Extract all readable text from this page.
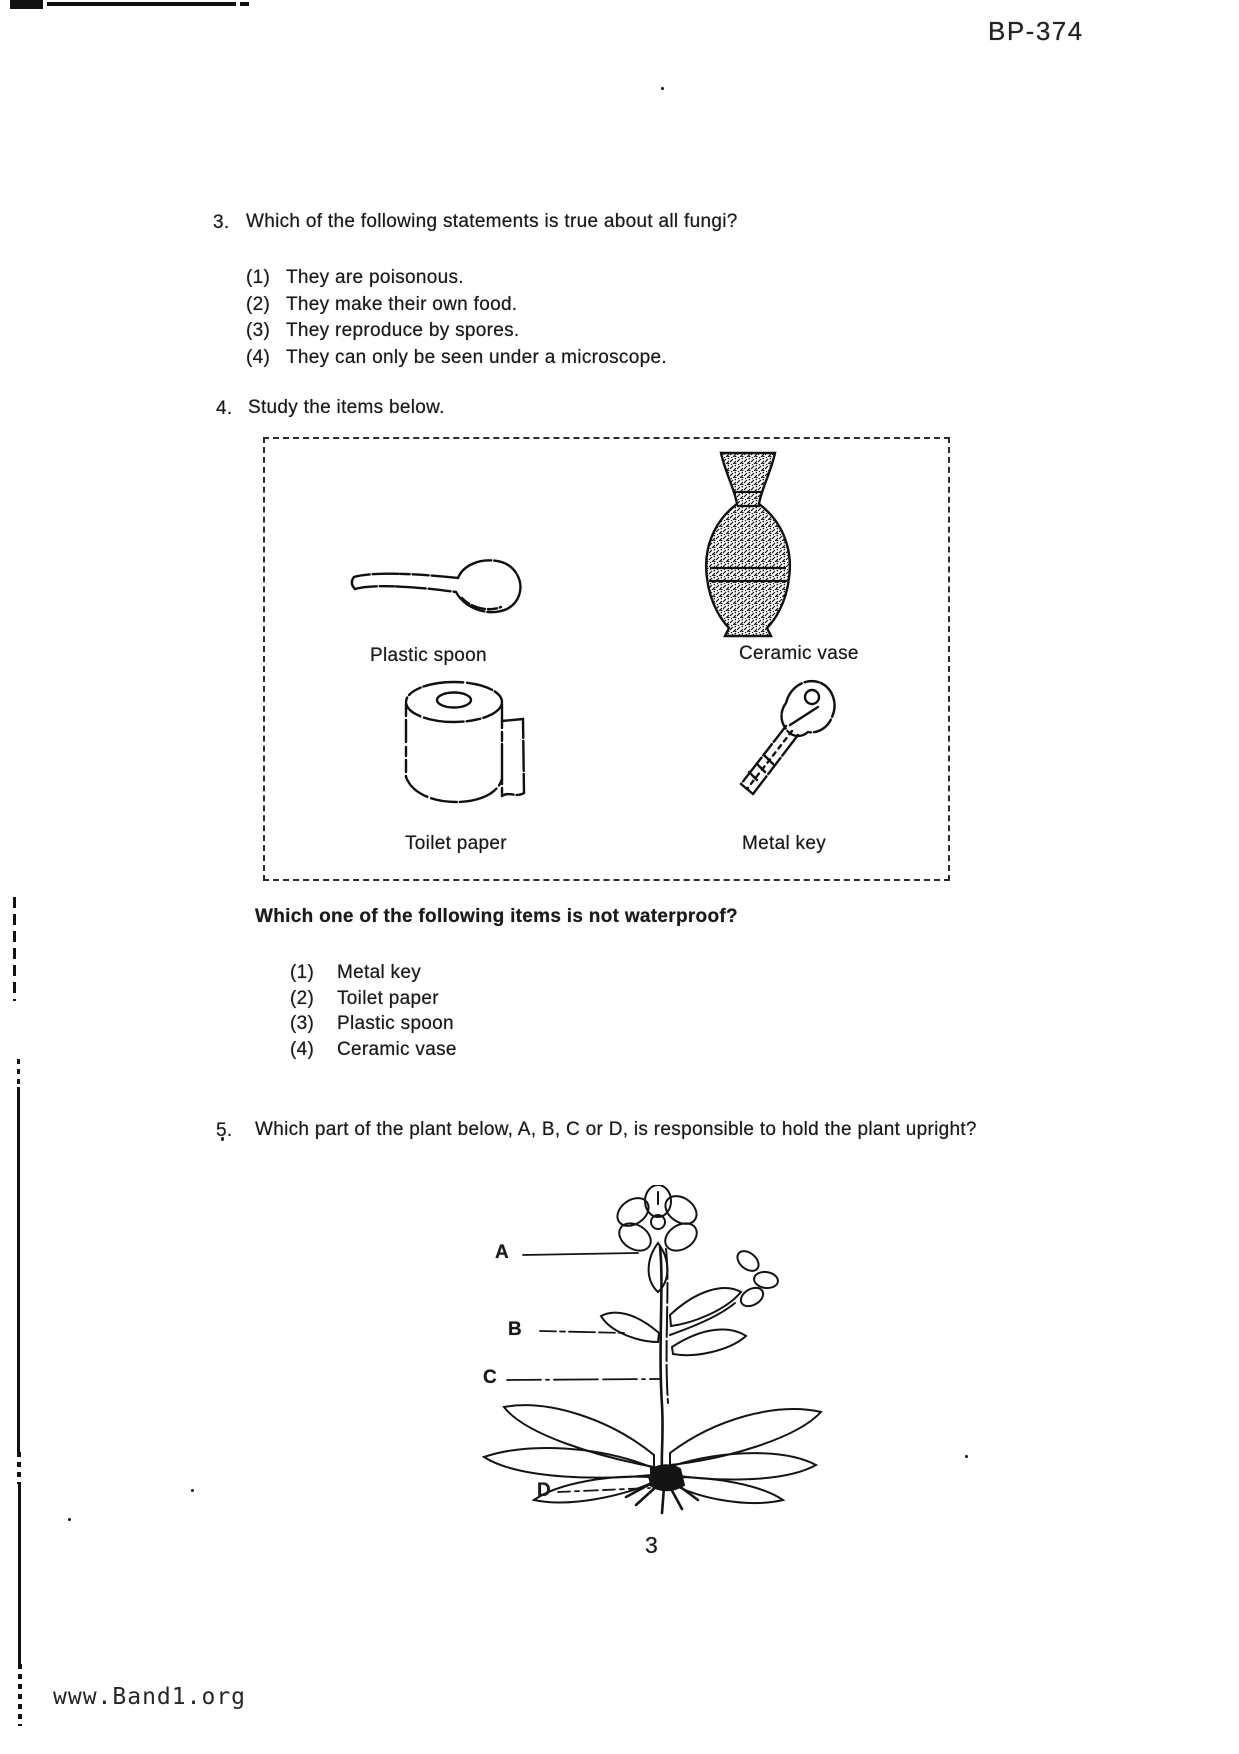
BP-374
3. Which of the following statements is true about all fungi?
(1) They are poisonous.
(2) They make their own food.
(3) They reproduce by spores.
(4) They can only be seen under a microscope.
4. Study the items below.
Plastic spoon	Ceramic vase
Toilet paper	Metal key
Which one of the following items is not waterproof?
(1) Metal key
(2) Toilet paper
(3) Plastic spoon
(4) Ceramic vase
5. Which part of the plant below, A, B, C or D, is responsible to hold the plant upright?
A
B
C
D
3
www.Band1.org
